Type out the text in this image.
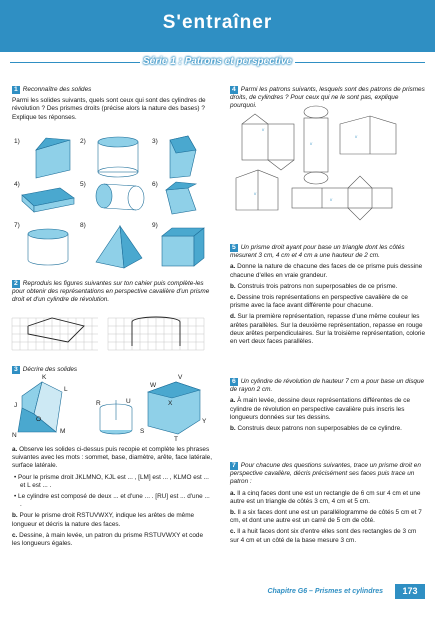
S'entraîner
Série 1 : Patrons et perspective
1 Reconnaître des solides
Parmi les solides suivants, quels sont ceux qui sont des cylindres de révolution ? Des prismes droits (précise alors la nature des bases) ? Explique tes réponses.
1)	2)	3)
4)	5)	6)
7)	8)	9)
2 Reproduis les figures suivantes sur ton cahier puis complète-les pour obtenir des représentations en perspective cavalière d'un prisme droit et d'un cylindre de révolution.
3 Décrire des solides
K
L
J
O
M
N
R	U
W
V
X
S
T
Y
a. Observe les solides ci-dessus puis recopie et complète les phrases suivantes avec les mots : sommet, base, diamètre, arête, face latérale, surface latérale.
• Pour le prisme droit JKLMNO, KJL est ... , [LM] est ... , KLMO est ... et L est ... .
• Le cylindre est composé de deux ... et d'une ... . [RU] est ... d'une ... .
b. Pour le prisme droit RSTUVWXY, indique les arêtes de même longueur et décris la nature des faces.
c. Dessine, à main levée, un patron du prisme RSTUVWXY et code les longueurs égales.
4 Parmi les patrons suivants, lesquels sont des patrons de prismes droits, de cylindres ? Pour ceux qui ne le sont pas, explique pourquoi.
//
//
//
//
//
5 Un prisme droit ayant pour base un triangle dont les côtés mesurent 3 cm, 4 cm et 4 cm a une hauteur de 2 cm.
a. Donne la nature de chacune des faces de ce prisme puis dessine chacune d'elles en vraie grandeur.
b. Construis trois patrons non superposables de ce prisme.
c. Dessine trois représentations en perspective cavalière de ce prisme avec la face avant différente pour chacune.
d. Sur la première représentation, repasse d'une même couleur les arêtes parallèles. Sur la deuxième représentation, repasse en rouge deux arêtes perpendiculaires. Sur la troisième représentation, colorie en vert deux faces parallèles.
6 Un cylindre de révolution de hauteur 7 cm a pour base un disque de rayon 2 cm.
a. À main levée, dessine deux représentations différentes de ce cylindre de révolution en perspective cavalière puis inscris les longueurs données sur tes dessins.
b. Construis deux patrons non superposables de ce cylindre.
7 Pour chacune des questions suivantes, trace un prisme droit en perspective cavalière, décris précisément ses faces puis trace un patron :
a. Il a cinq faces dont une est un rectangle de 6 cm sur 4 cm et une autre est un triangle de côtés 3 cm, 4 cm et 5 cm.
b. Il a six faces dont une est un parallélogramme de côtés 5 cm et 7 cm, et dont une autre est un carré de 5 cm de côté.
c. Il a huit faces dont six d'entre elles sont des rectangles de 3 cm sur 4 cm et un côté de la base mesure 3 cm.
Chapitre G6 – Prismes et cylindres	173
